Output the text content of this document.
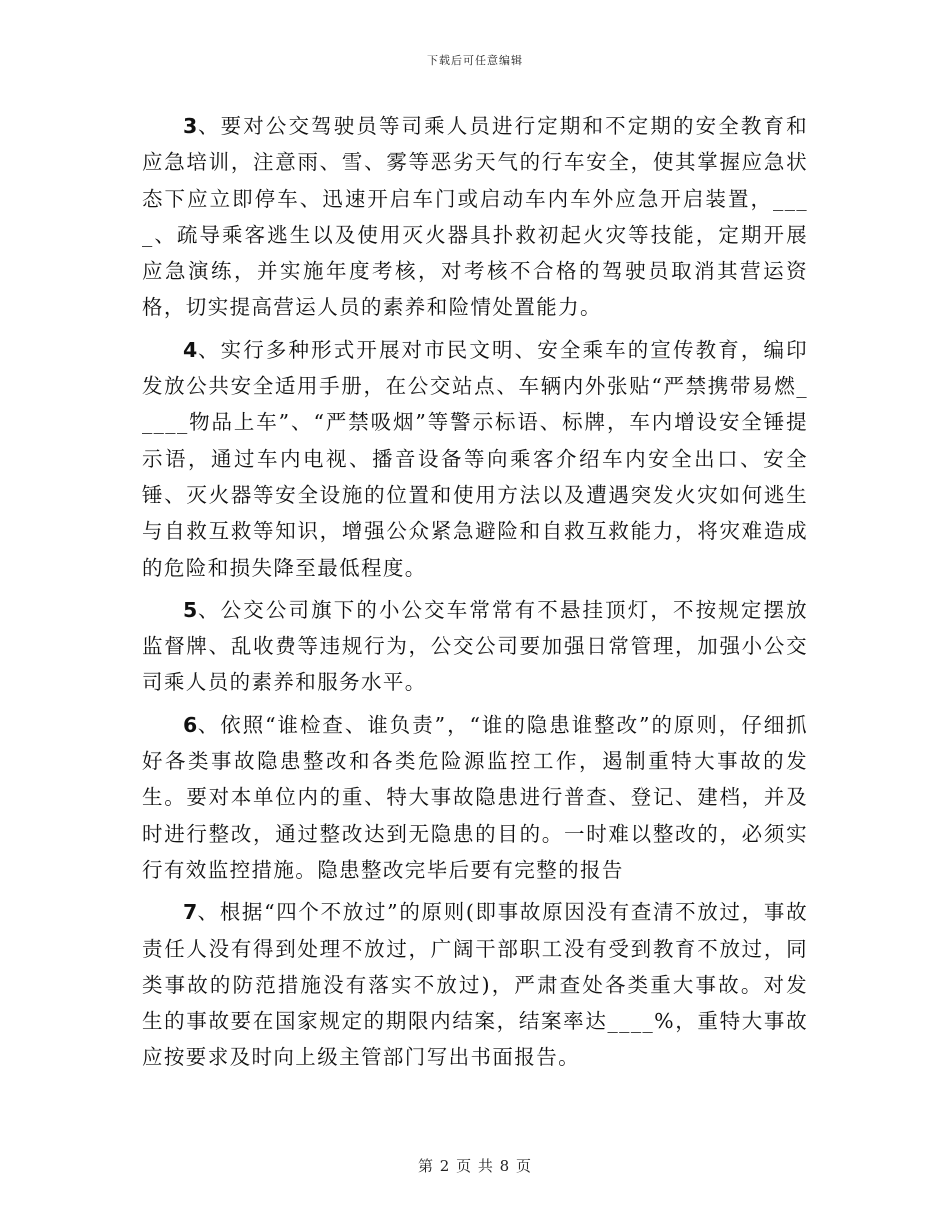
下载后可任意编辑

3、要对公交驾驶员等司乘人员进行定期和不定期的安全教育和应急培训，注意雨、雪、雾等恶劣天气的行车安全，使其掌握应急状态下应立即停车、迅速开启车门或启动车内车外应急开启装置，____、疏导乘客逃生以及使用灭火器具扑救初起火灾等技能，定期开展应急演练，并实施年度考核，对考核不合格的驾驶员取消其营运资格，切实提高营运人员的素养和险情处置能力。

4、实行多种形式开展对市民文明、安全乘车的宣传教育，编印发放公共安全适用手册，在公交站点、车辆内外张贴“严禁携带易燃_____物品上车”、“严禁吸烟”等警示标语、标牌，车内增设安全锤提示语，通过车内电视、播音设备等向乘客介绍车内安全出口、安全锤、灭火器等安全设施的位置和使用方法以及遭遇突发火灾如何逃生与自救互救等知识，增强公众紧急避险和自救互救能力，将灾难造成的危险和损失降至最低程度。

5、公交公司旗下的小公交车常常有不悬挂顶灯，不按规定摆放监督牌、乱收费等违规行为，公交公司要加强日常管理，加强小公交司乘人员的素养和服务水平。

6、依照“谁检查、谁负责”，“谁的隐患谁整改”的原则，仔细抓好各类事故隐患整改和各类危险源监控工作，遏制重特大事故的发生。要对本单位内的重、特大事故隐患进行普查、登记、建档，并及时进行整改，通过整改达到无隐患的目的。一时难以整改的，必须实行有效监控措施。隐患整改完毕后要有完整的报告

7、根据“四个不放过”的原则(即事故原因没有查清不放过，事故责任人没有得到处理不放过，广阔干部职工没有受到教育不放过，同类事故的防范措施没有落实不放过)，严肃查处各类重大事故。对发生的事故要在国家规定的期限内结案，结案率达____%，重特大事故应按要求及时向上级主管部门写出书面报告。

第 2 页 共 8 页
